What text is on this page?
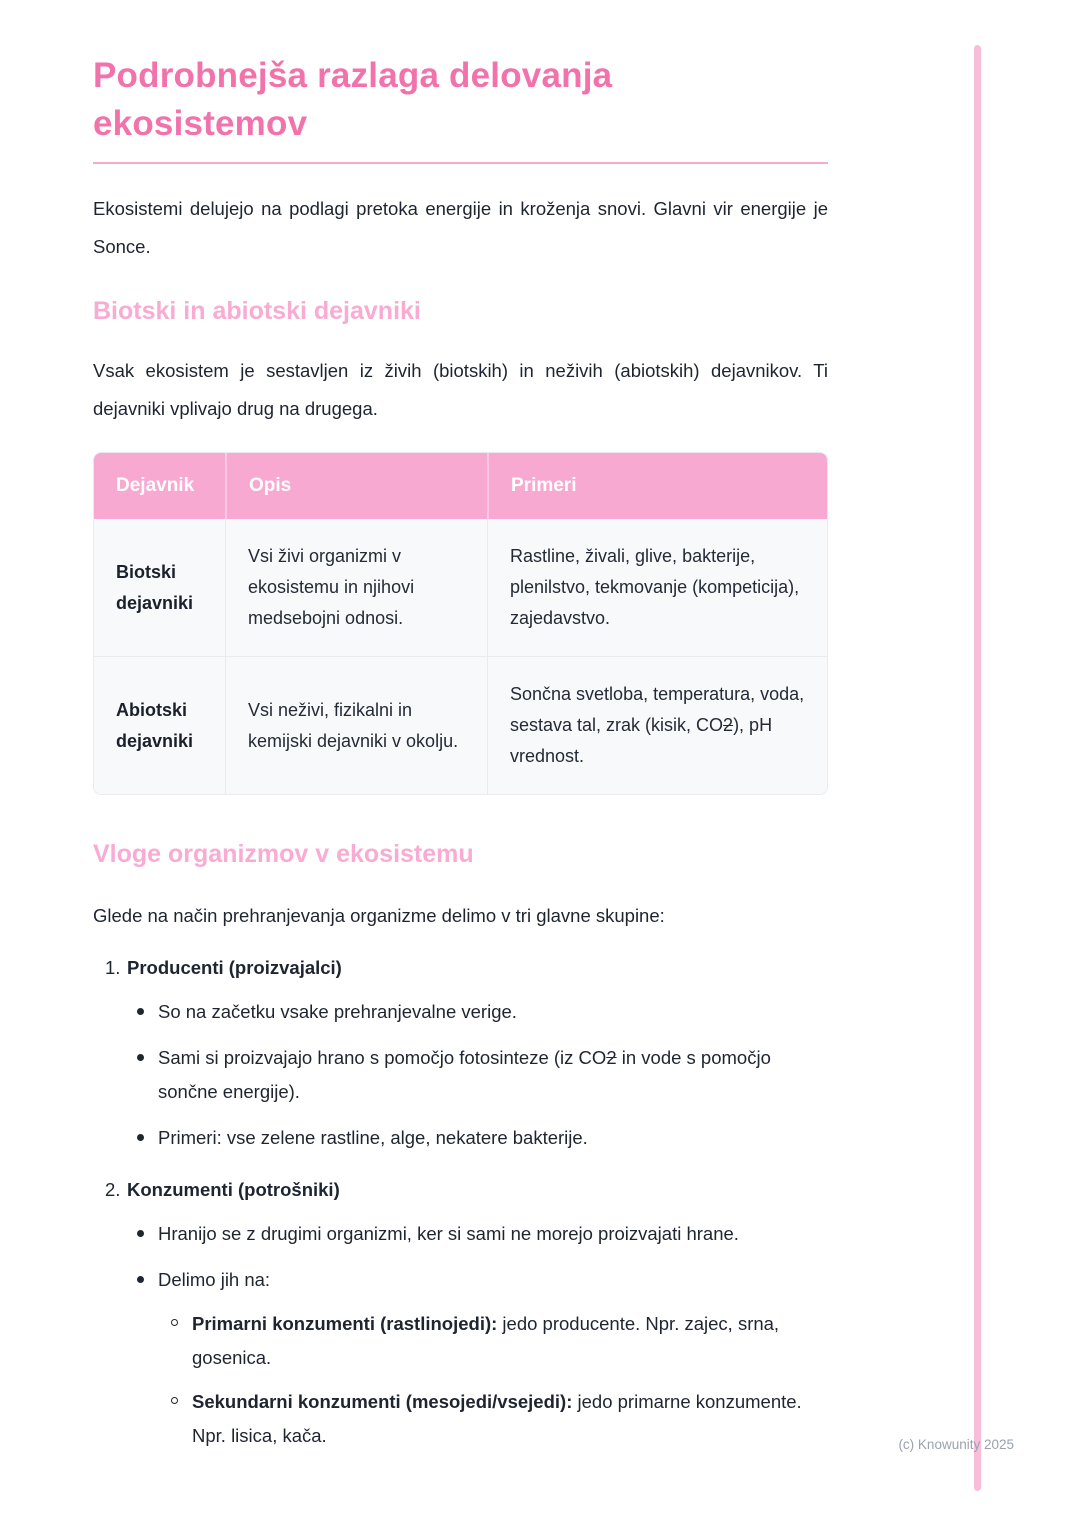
Podrobnejša razlaga delovanja ekosistemov

Ekosistemi delujejo na podlagi pretoka energije in kroženja snovi. Glavni vir energije je Sonce.

Biotski in abiotski dejavniki

Vsak ekosistem je sestavljen iz živih (biotskih) in neživih (abiotskih) dejavnikov. Ti dejavniki vplivajo drug na drugega.

Dejavnik	Opis	Primeri
Biotski dejavniki	Vsi živi organizmi v ekosistemu in njihovi medsebojni odnosi.	Rastline, živali, glive, bakterije, plenilstvo, tekmovanje (kompeticija), zajedavstvo.
Abiotski dejavniki	Vsi neživi, fizikalni in kemijski dejavniki v okolju.	Sončna svetloba, temperatura, voda, sestava tal, zrak (kisik, CO2), pH vrednost.
Vloge organizmov v ekosistemu

Glede na način prehranjevanja organizme delimo v tri glavne skupine:

1. Producenti (proizvajalci)
So na začetku vsake prehranjevalne verige.
Sami si proizvajajo hrano s pomočjo fotosinteze (iz CO2 in vode s pomočjo sončne energije).
Primeri: vse zelene rastline, alge, nekatere bakterije.
2. Konzumenti (potrošniki)
Hranijo se z drugimi organizmi, ker si sami ne morejo proizvajati hrane.
Delimo jih na:
Primarni konzumenti (rastlinojedi): jedo producente. Npr. zajec, srna, gosenica.
Sekundarni konzumenti (mesojedi/vsejedi): jedo primarne konzumente. Npr. lisica, kača.	(c) Knowunity 2025
